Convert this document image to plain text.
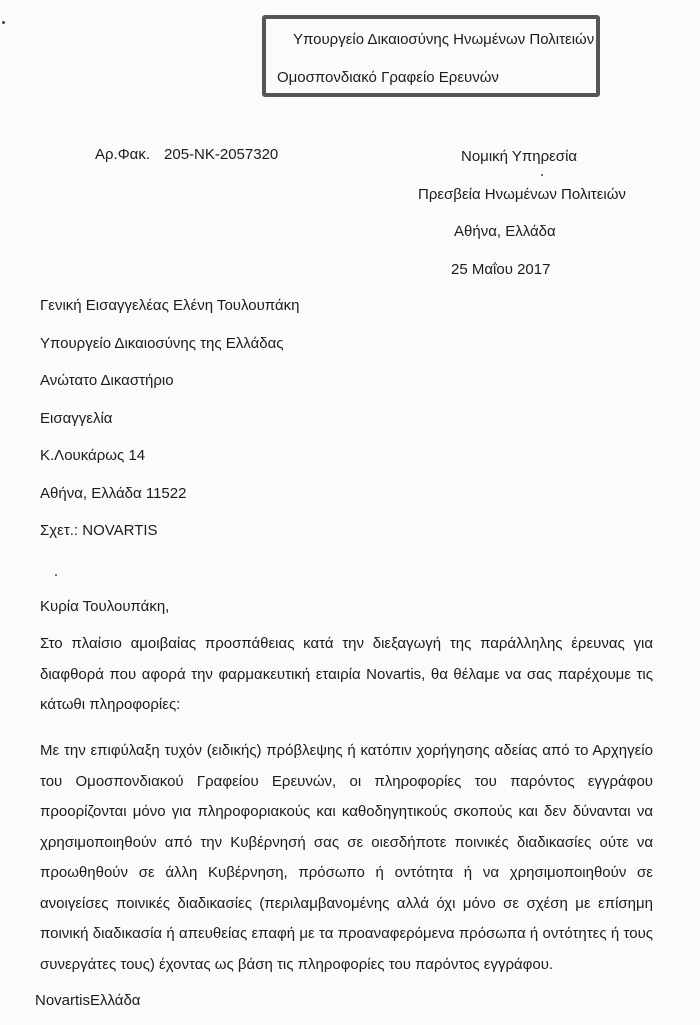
Υπουργείο Δικαιοσύνης Ηνωμένων Πολιτειών
Ομοσπονδιακό Γραφείο Ερευνών
Αρ.Φακ. 205-ΝΚ-2057320	Νομική Υπηρεσία
Πρεσβεία Ηνωμένων Πολιτειών
Αθήνα, Ελλάδα
25 Μαΐου 2017
Γενική Εισαγγελέας Ελένη Τουλουπάκη
Υπουργείο Δικαιοσύνης της Ελλάδας
Ανώτατο Δικαστήριο
Εισαγγελία
Κ.Λουκάρως 14
Αθήνα, Ελλάδα 11522
Σχετ.: NOVARTIS
Κυρία Τουλουπάκη,
Στο πλαίσιο αμοιβαίας προσπάθειας κατά την διεξαγωγή της παράλληλης έρευνας για διαφθορά που αφορά την φαρμακευτική εταιρία Novartis, θα θέλαμε να σας παρέχουμε τις κάτωθι πληροφορίες:
Με την επιφύλαξη τυχόν (ειδικής) πρόβλεψης ή κατόπιν χορήγησης αδείας από το Αρχηγείο του Ομοσπονδιακού Γραφείου Ερευνών, οι πληροφορίες του παρόντος εγγράφου προορίζονται μόνο για πληροφοριακούς και καθοδηγητικούς σκοπούς και δεν δύνανται να χρησιμοποιηθούν από την Κυβέρνησή σας σε οιεσδήποτε ποινικές διαδικασίες ούτε να προωθηθούν σε άλλη Κυβέρνηση, πρόσωπο ή οντότητα ή να χρησιμοποιηθούν σε ανοιγείσες ποινικές διαδικασίες (περιλαμβανομένης αλλά όχι μόνο σε σχέση με επίσημη ποινική διαδικασία ή απευθείας επαφή με τα προαναφερόμενα πρόσωπα ή οντότητες ή τους συνεργάτες τους) έχοντας ως βάση τις πληροφορίες του παρόντος εγγράφου.
NovartisΕλλάδα
